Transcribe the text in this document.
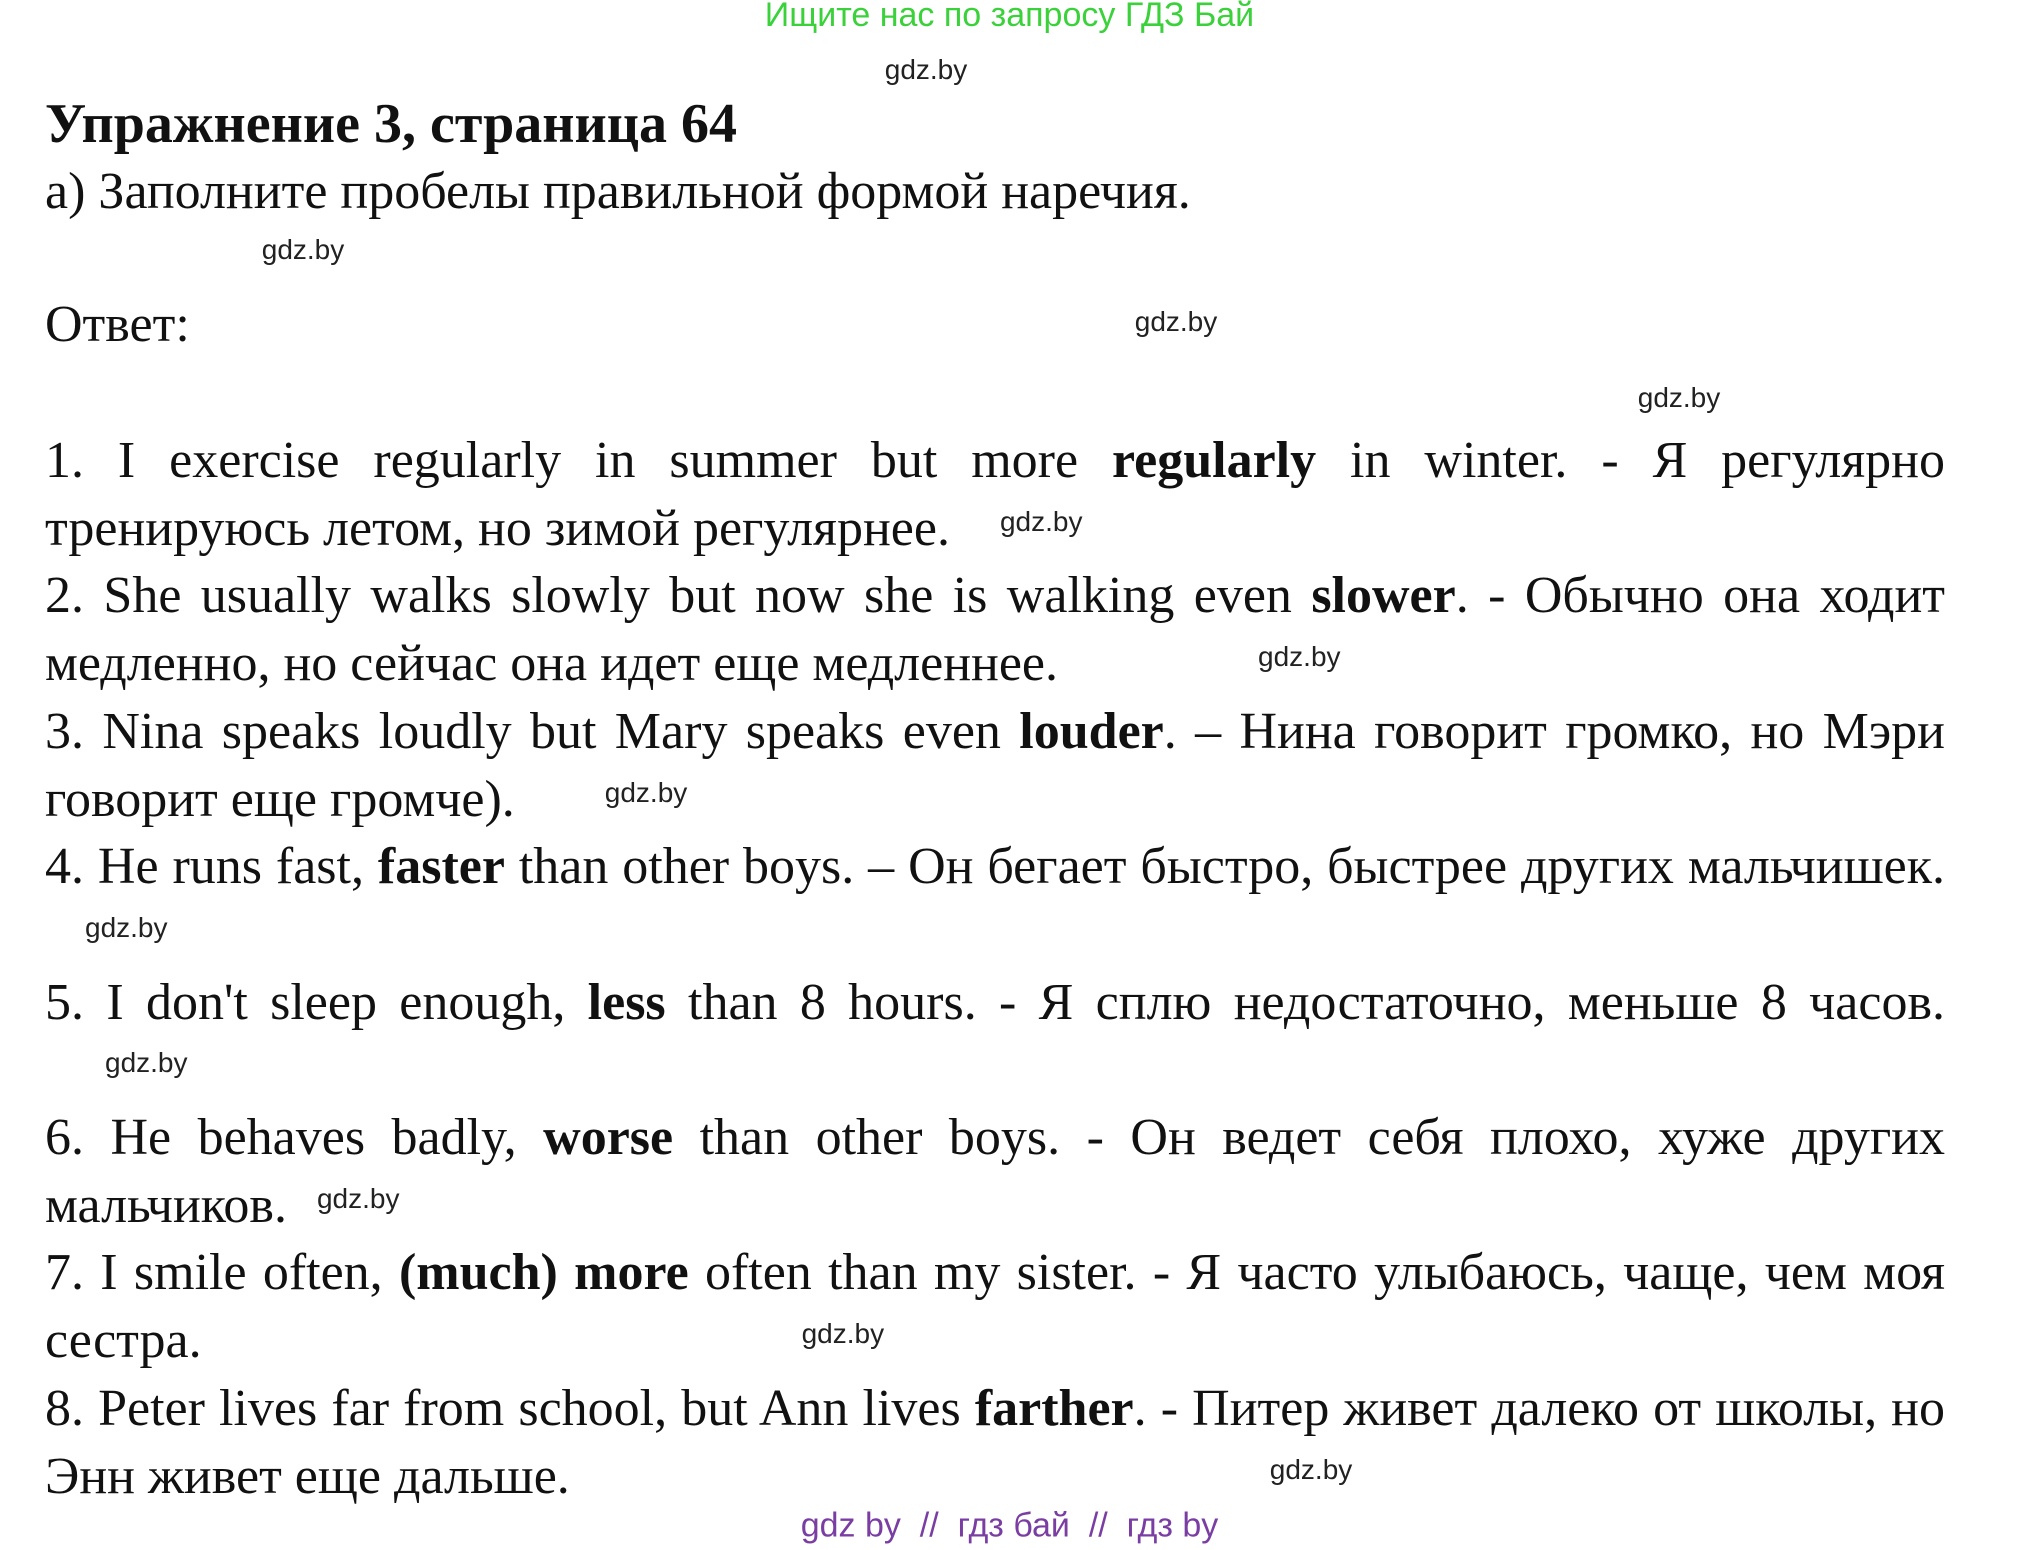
Ищите нас по запросу ГДЗ Бай
gdz.by
gdz.by
gdz.by
gdz.by
Упражнение 3, страница 64
а) Заполните пробелы правильной формой наречия.
Ответ:

1. I exercise regularly in summer but more regularly in winter. - Я регулярно тренируюсь летом, но зимой регулярнее. gdz.by

2. She usually walks slowly but now she is walking even slower. - Обычно она ходит медленно, но сейчас она идет еще медленнее.	gdz.by

3. Nina speaks loudly but Mary speaks even louder. – Нина говорит громко, но Мэри говорит еще громче).	gdz.by

4. He runs fast, faster than other boys. – Он бегает быстро, быстрее других мальчишек.gdz.by

5. I don't sleep enough, less than 8 hours. - Я сплю недостаточно, меньше 8 часов.gdz.by

6. He behaves badly, worse than other boys. - Он ведет себя плохо, хуже других мальчиков. gdz.by

7. I smile often, (much) more often than my sister. - Я часто улыбаюсь, чаще, чем моя сестра.	gdz.by

8. Peter lives far from school, but Ann lives farther. - Питер живет далеко от школы, но Энн живет еще дальше.	gdz.by

gdz by  //  гдз бай  //  гдз by
